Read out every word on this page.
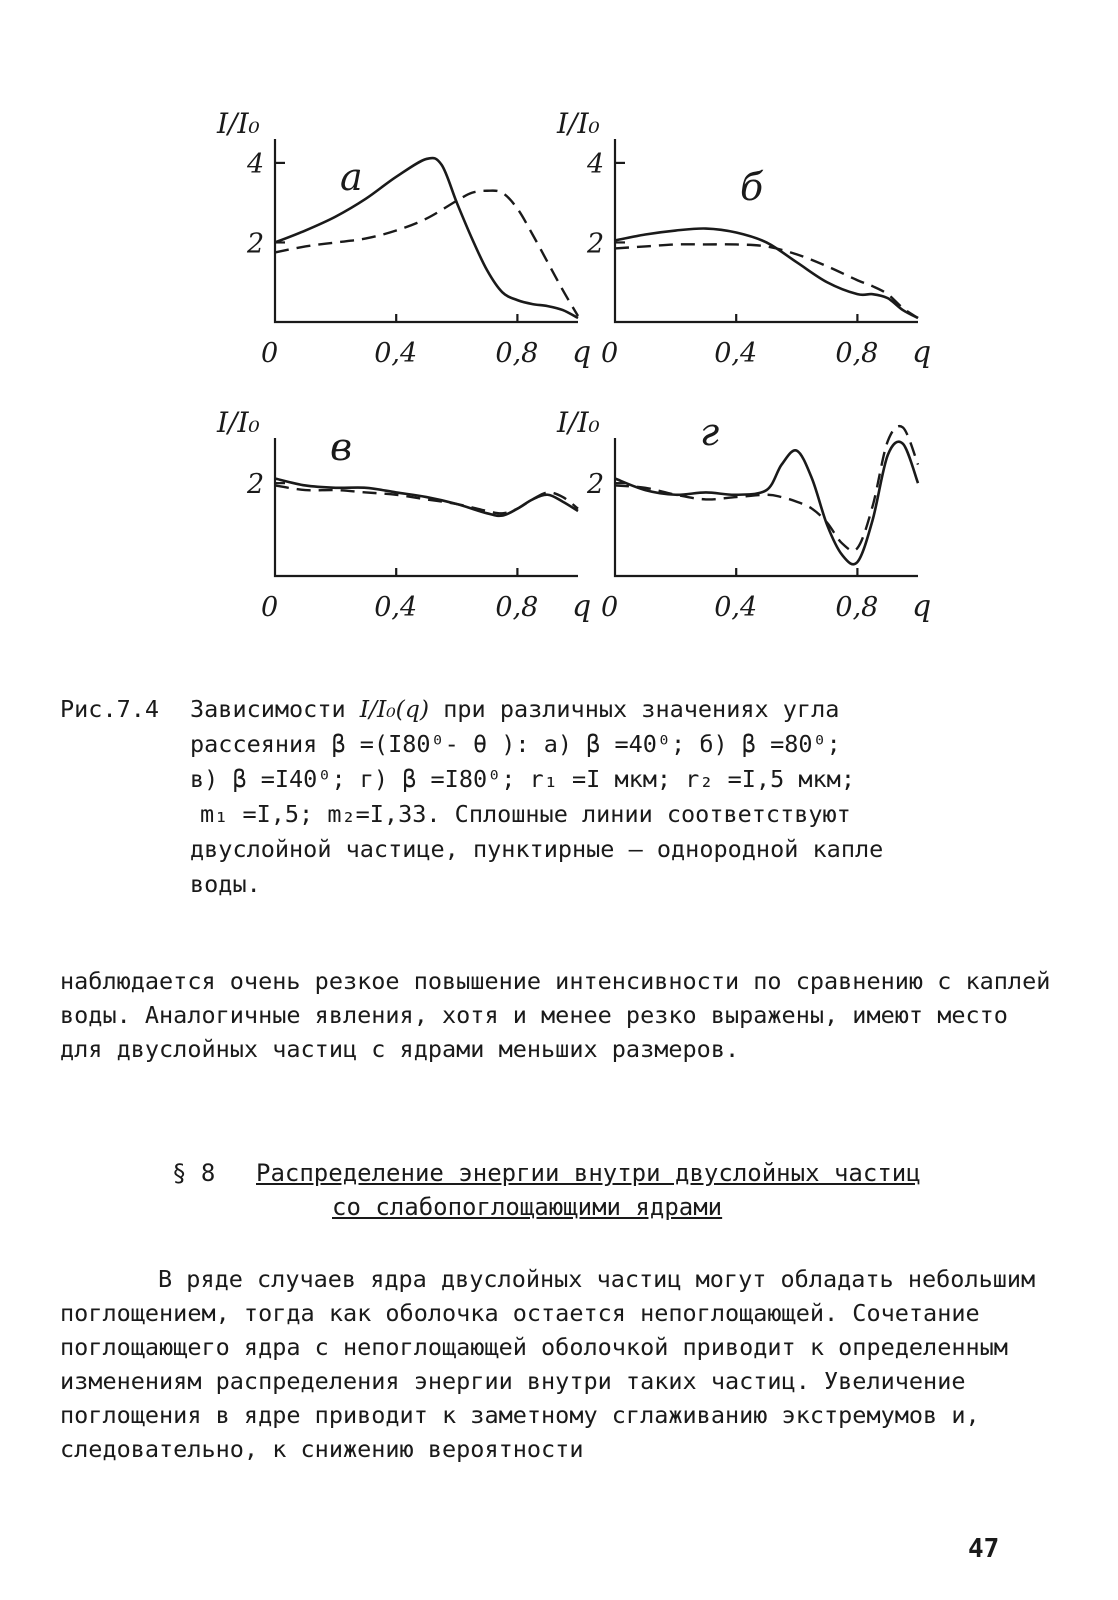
4
2
0	0,4	0,8 q
I/I₀
а	4
2
0	0,4	0,8 q
I/I₀
б
2
0	0,4	0,8 q
I/I₀
в
2
0	0,4	0,8 q
I/I₀	г
Рис.7.4 Зависимости I/I₀(q) при различных значениях угла
рассеяния β =(I80⁰- θ ): а) β =40⁰; б) β =80⁰;
в) β =I40⁰; г) β =I80⁰; r₁ =I мкм; r₂ =I,5 мкм;
m₁ =I,5; m₂=I,33. Сплошные линии соответствуют
двуслойной частице, пунктирные – однородной капле
воды.

наблюдается очень резкое повышение интенсивности по сравнению с каплей воды. Аналогичные явления, хотя и менее резко выражены, имеют место для двуслойных частиц с ядрами меньших размеров.

§ 8 Распределение энергии внутри двуслойных частиц
со слабопоглощающими ядрами

В ряде случаев ядра двуслойных частиц могут обладать небольшим поглощением, тогда как оболочка остается непоглощающей. Сочетание поглощающего ядра с непоглощающей оболочкой приводит к определенным изменениям распределения энергии внутри таких частиц. Увеличение поглощения в ядре приводит к заметному сглаживанию экстремумов и, следовательно, к снижению вероятности

47
